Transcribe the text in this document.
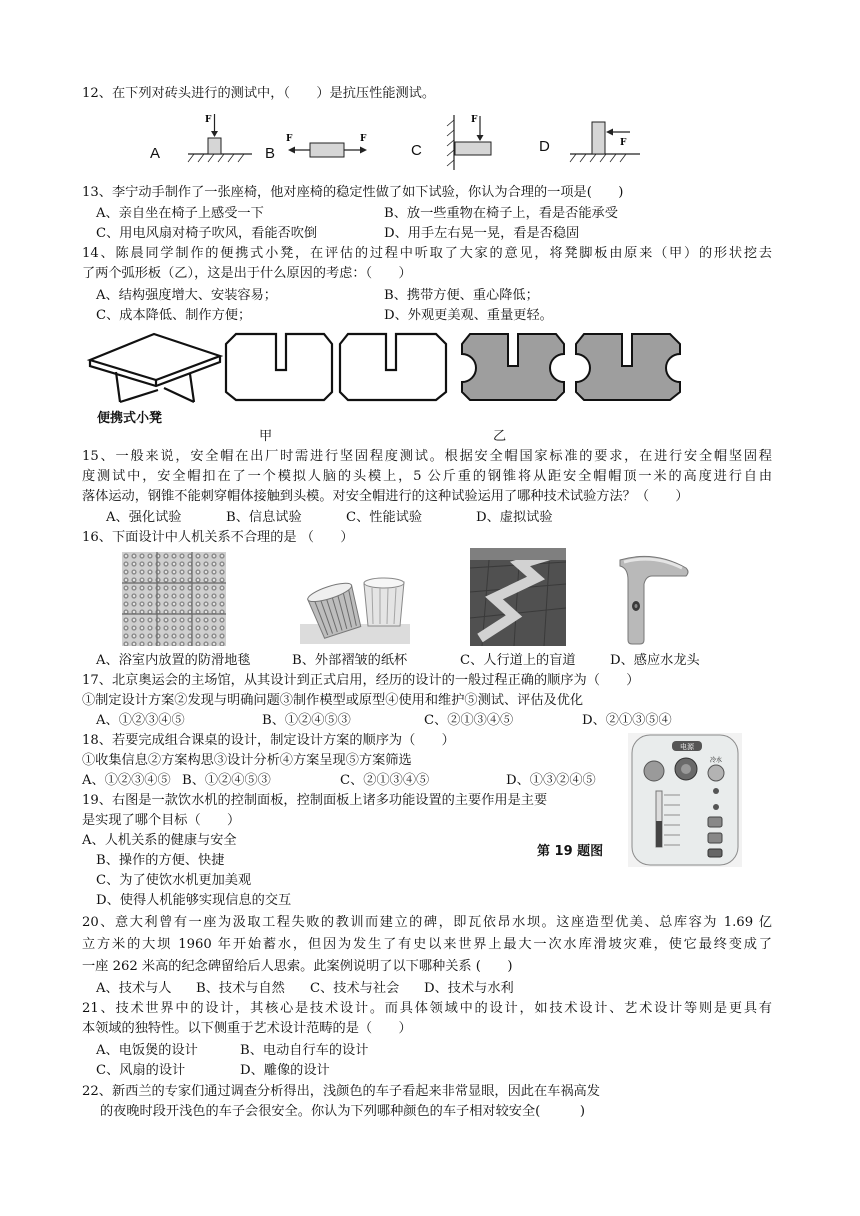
12、在下列对砖头进行的测试中，（　　）是抗压性能测试。
F
F	F
F
F
A	B	C	D
13、李宁动手制作了一张座椅，他对座椅的稳定性做了如下试验，你认为合理的一项是(　　)
A、亲自坐在椅子上感受一下	B、放一些重物在椅子上，看是否能承受
C、用电风扇对椅子吹风，看能否吹倒	D、用手左右晃一晃，看是否稳固
14、陈晨同学制作的便携式小凳，在评估的过程中听取了大家的意见，将凳脚板由原来（甲）的形状挖去
了两个弧形板（乙），这是出于什么原因的考虑：（　　）
A、结构强度增大、安装容易；	B、携带方便、重心降低；
C、成本降低、制作方便；	D、外观更美观、重量更轻。
便携式小凳
甲	乙
15、一般来说，安全帽在出厂时需进行坚固程度测试。根据安全帽国家标准的要求，在进行安全帽坚固程
度测试中，安全帽扣在了一个模拟人脑的头模上，5 公斤重的钢锥将从距安全帽帽顶一米的高度进行自由
落体运动，钢锥不能刺穿帽体接触到头模。对安全帽进行的这种试验运用了哪种技术试验方法？（　　）
A、强化试验	B、信息试验	C、性能试验	D、虚拟试验
16、下面设计中人机关系不合理的是 （　　）
A、浴室内放置的防滑地毯	B、外部褶皱的纸杯	C、人行道上的盲道	D、感应水龙头
17、北京奥运会的主场馆，从其设计到正式启用，经历的设计的一般过程正确的顺序为（　　）
①制定设计方案②发现与明确问题③制作模型或原型④使用和维护⑤测试、评估及优化
A、①②③④⑤	B、①②④⑤③	C、②①③④⑤	D、②①③⑤④
18、若要完成组合课桌的设计，制定设计方案的顺序为（　　）
①收集信息②方案构思③设计分析④方案呈现⑤方案筛选
A、①②③④⑤ B、①②④⑤③	C、②①③④⑤	D、①③②④⑤
19、右图是一款饮水机的控制面板，控制面板上诸多功能设置的主要作用是主要
是实现了哪个目标（　　）
A、人机关系的健康与安全
B、操作的方便、快捷
C、为了使饮水机更加美观
D、使得人机能够实现信息的交互
第 19 题图
电源
冷水
20、意大利曾有一座为汲取工程失败的教训而建立的碑，即瓦依昂水坝。这座造型优美、总库容为 1.69 亿
立方米的大坝 1960 年开始蓄水，但因为发生了有史以来世界上最大一次水库滑坡灾难，使它最终变成了
一座 262 米高的纪念碑留给后人思索。此案例说明了以下哪种关系 (　　)
A、技术与人 B、技术与自然 C、技术与社会 D、技术与水利
21、技术世界中的设计，其核心是技术设计。而具体领域中的设计，如技术设计、艺术设计等则是更具有
本领域的独特性。以下侧重于艺术设计范畴的是（　　）
A、电饭煲的设计	B、电动自行车的设计
C、风扇的设计	D、雕像的设计
22、新西兰的专家们通过调查分析得出，浅颜色的车子看起来非常显眼，因此在车祸高发
的夜晚时段开浅色的车子会很安全。你认为下列哪种颜色的车子相对较安全(　　　)
